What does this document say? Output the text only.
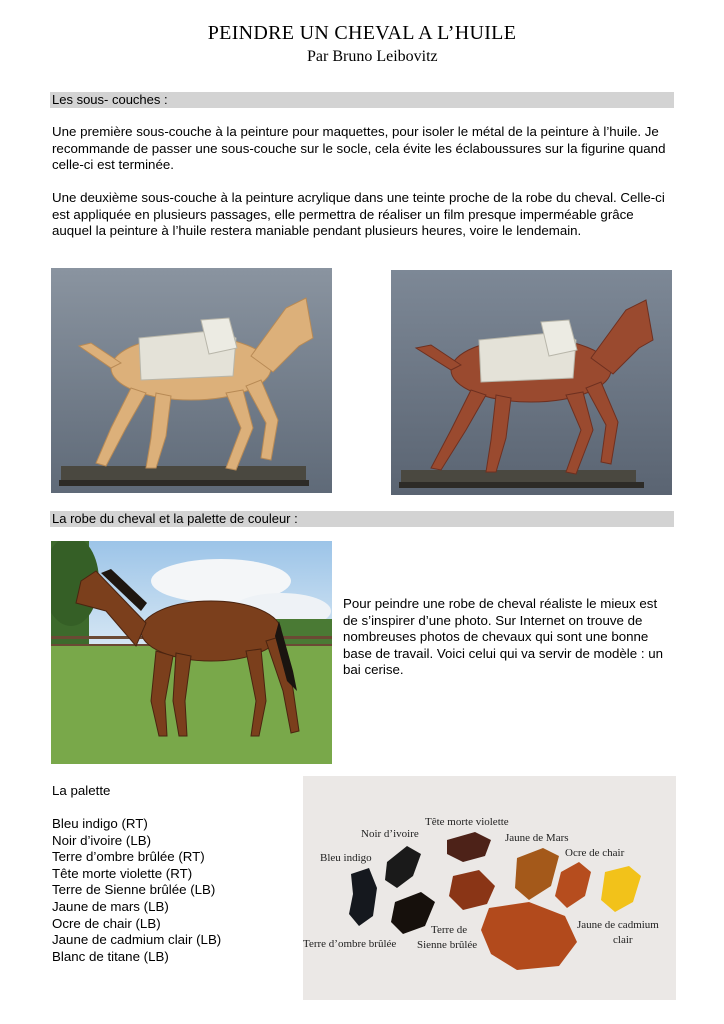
PEINDRE UN CHEVAL A L’HUILE
Par Bruno Leibovitz
Les sous- couches :

Une première sous-couche à la peinture pour maquettes, pour isoler le métal de la peinture à l’huile. Je recommande de passer une sous-couche sur le socle, cela évite les éclaboussures sur la figurine quand celle-ci est terminée.

Une deuxième sous-couche à la peinture acrylique dans une teinte proche de la robe du cheval. Celle-ci est appliquée en plusieurs passages, elle permettra de réaliser un film presque imperméable grâce auquel la peinture à l’huile restera maniable pendant plusieurs heures, voire le lendemain.

La robe du cheval et la palette de couleur :

Pour peindre une robe de cheval réaliste le mieux est de s’inspirer d’une photo. Sur Internet on trouve de nombreuses photos de chevaux qui sont une bonne base de travail. Voici celui qui va servir de modèle : un bai cerise.

La palette
Bleu indigo (RT)
Noir d’ivoire (LB)
Terre d’ombre brûlée (RT)
Tête morte violette (RT)
Terre de Sienne brûlée (LB)
Jaune de mars (LB)
Ocre de chair (LB)
Jaune de cadmium clair (LB)
Blanc de titane (LB)
Tête morte violette
Noir d’ivoire	Jaune de Mars
Ocre de chair
Bleu indigo
Terre d’ombre brûlée
Terre de
Sienne brûlée
Jaune de cadmium
clair
